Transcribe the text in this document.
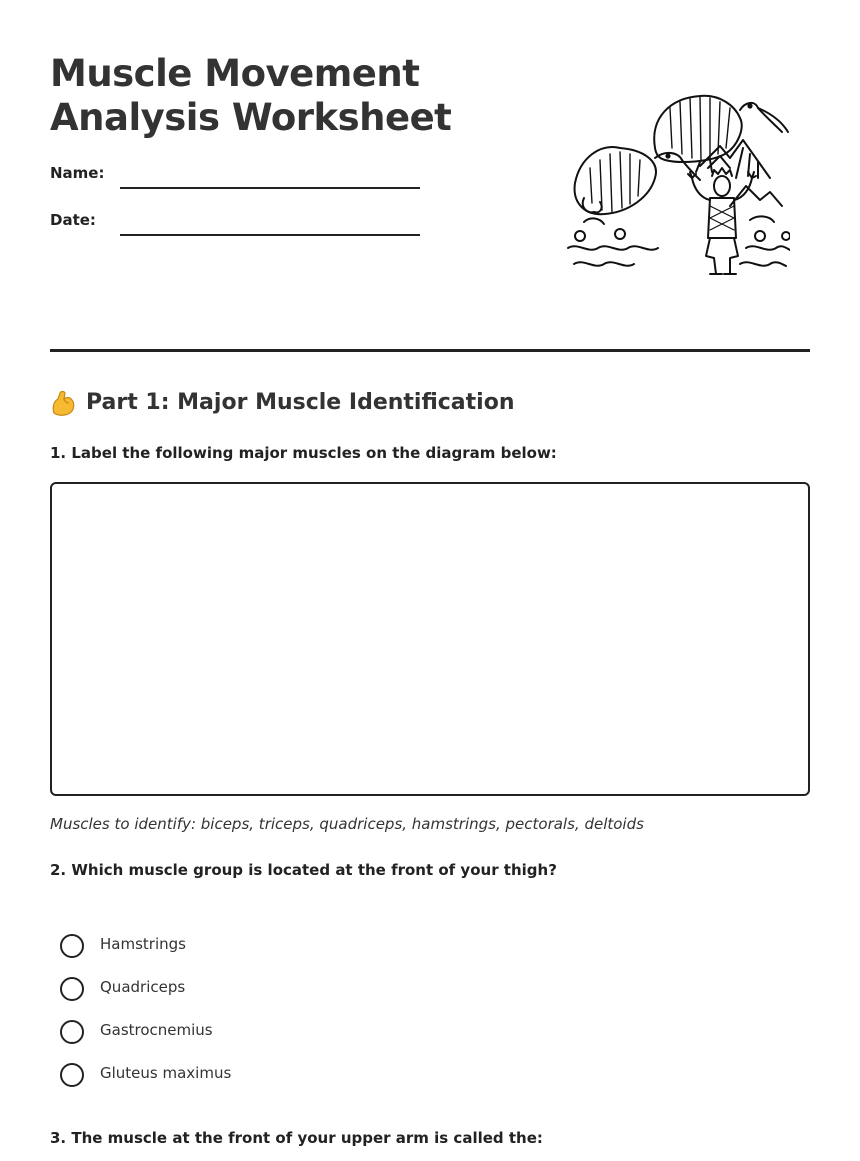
Muscle Movement
Analysis Worksheet
Name:
Date:
Part 1: Major Muscle Identification

1. Label the following major muscles on the diagram below:

Muscles to identify: biceps, triceps, quadriceps, hamstrings, pectorals, deltoids

2. Which muscle group is located at the front of your thigh?

Hamstrings
Quadriceps
Gastrocnemius
Gluteus maximus

3. The muscle at the front of your upper arm is called the:
